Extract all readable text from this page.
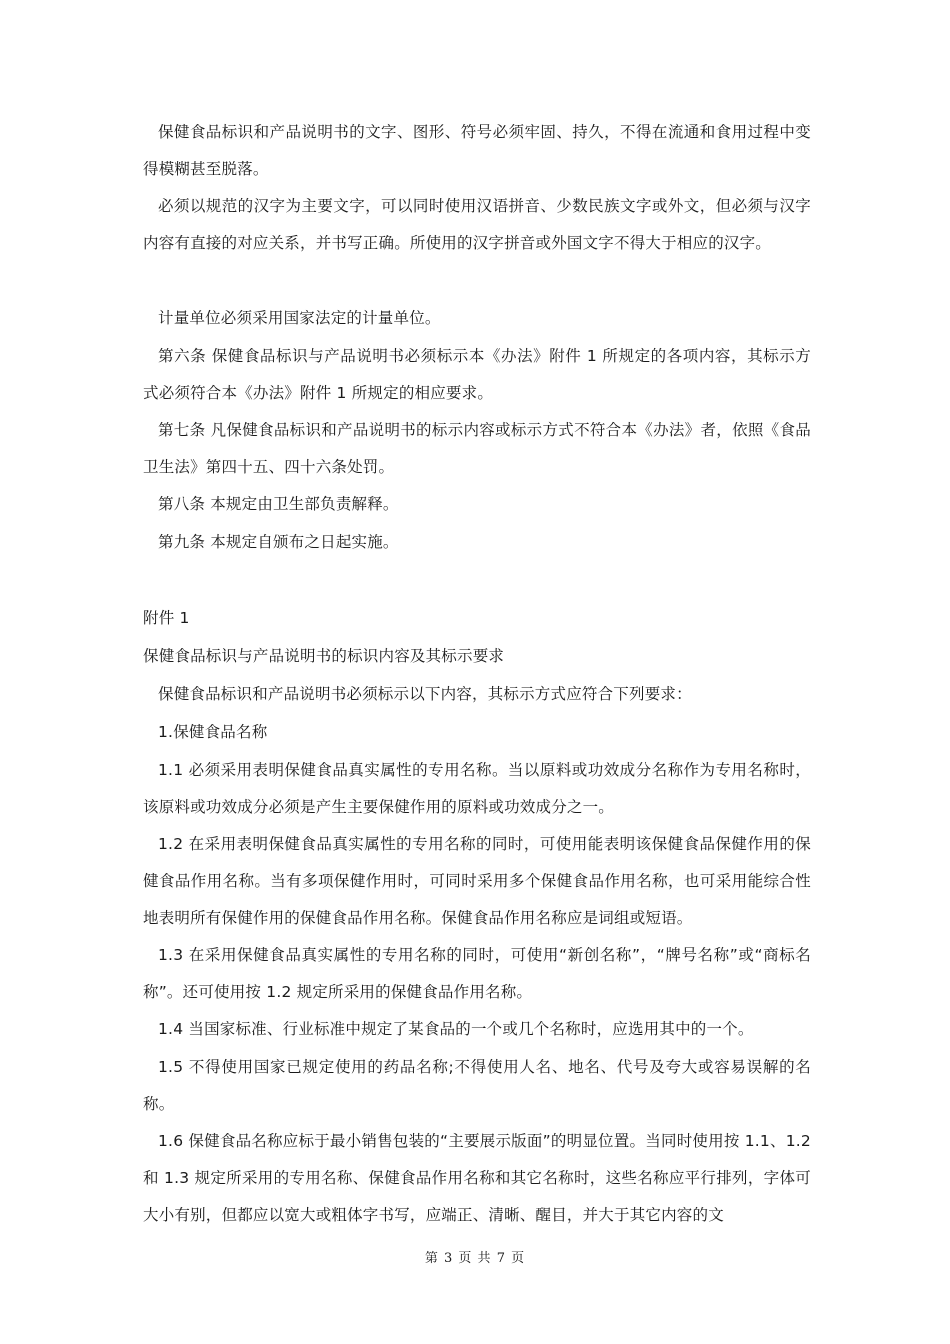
保健食品标识和产品说明书的文字、图形、符号必须牢固、持久，不得在流通和食用过程中变得模糊甚至脱落。

必须以规范的汉字为主要文字，可以同时使用汉语拼音、少数民族文字或外文，但必须与汉字内容有直接的对应关系，并书写正确。所使用的汉字拼音或外国文字不得大于相应的汉字。

计量单位必须采用国家法定的计量单位。

第六条 保健食品标识与产品说明书必须标示本《办法》附件 1 所规定的各项内容，其标示方式必须符合本《办法》附件 1 所规定的相应要求。

第七条 凡保健食品标识和产品说明书的标示内容或标示方式不符合本《办法》者，依照《食品卫生法》第四十五、四十六条处罚。

第八条 本规定由卫生部负责解释。

第九条 本规定自颁布之日起实施。

附件 1

保健食品标识与产品说明书的标识内容及其标示要求

保健食品标识和产品说明书必须标示以下内容，其标示方式应符合下列要求：

1.保健食品名称

1.1 必须采用表明保健食品真实属性的专用名称。当以原料或功效成分名称作为专用名称时，该原料或功效成分必须是产生主要保健作用的原料或功效成分之一。

1.2 在采用表明保健食品真实属性的专用名称的同时，可使用能表明该保健食品保健作用的保健食品作用名称。当有多项保健作用时，可同时采用多个保健食品作用名称，也可采用能综合性地表明所有保健作用的保健食品作用名称。保健食品作用名称应是词组或短语。

1.3 在采用保健食品真实属性的专用名称的同时，可使用“新创名称”，“牌号名称”或“商标名称”。还可使用按 1.2 规定所采用的保健食品作用名称。

1.4 当国家标准、行业标准中规定了某食品的一个或几个名称时，应选用其中的一个。

1.5 不得使用国家已规定使用的药品名称;不得使用人名、地名、代号及夸大或容易误解的名称。

1.6 保健食品名称应标于最小销售包装的“主要展示版面”的明显位置。当同时使用按 1.1、1.2 和 1.3 规定所采用的专用名称、保健食品作用名称和其它名称时，这些名称应平行排列，字体可大小有别，但都应以宽大或粗体字书写，应端正、清晰、醒目，并大于其它内容的文

第 3 页 共 7 页
